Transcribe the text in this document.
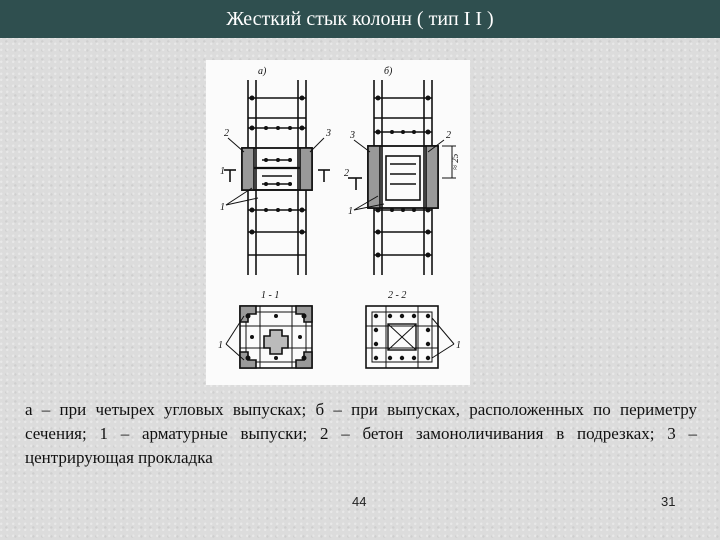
Жесткий стык колонн ( тип I I )
а)	б)
1 - 1	2 - 2
1
2	3
1
2
3
1
2
1	1
≈ 25
а – при четырех угловых выпусках; б – при выпусках, расположенных по периметру сечения; 1 – арматурные выпуски; 2 – бетон замоноличивания в подрезках; 3 – центрирующая прокладка
44	31
